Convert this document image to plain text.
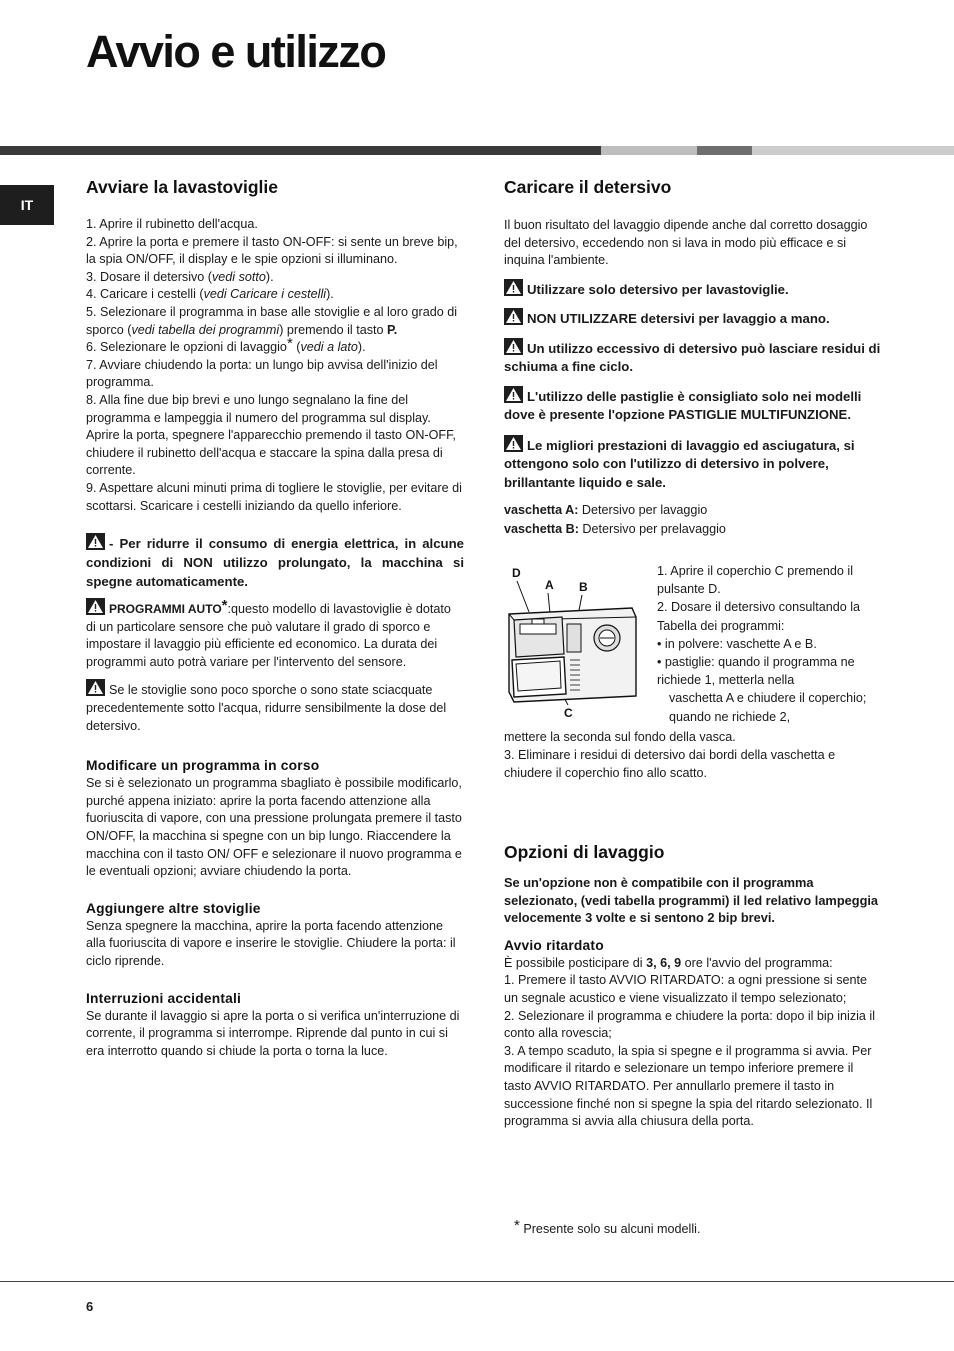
Avvio e utilizzo
IT
Avviare la lavastoviglie

1. Aprire il rubinetto dell'acqua.

2. Aprire la porta e premere il tasto ON-OFF: si sente un breve bip, la spia ON/OFF, il display e le spie opzioni si illuminano.

3. Dosare il detersivo (vedi sotto).

4. Caricare i cestelli (vedi Caricare i cestelli).

5. Selezionare il programma in base alle stoviglie e al loro grado di sporco (vedi tabella dei programmi) premendo il tasto P.

6. Selezionare le opzioni di lavaggio* (vedi a lato).

7. Avviare chiudendo la porta: un lungo bip avvisa dell'inizio del programma.

8. Alla fine due bip brevi e uno lungo segnalano la fine del programma e lampeggia il numero del programma sul display. Aprire la porta, spegnere l'apparecchio premendo il tasto ON-OFF, chiudere il rubinetto dell'acqua e staccare la spina dalla presa di corrente.

9. Aspettare alcuni minuti prima di togliere le stoviglie, per evitare di scottarsi. Scaricare i cestelli iniziando da quello inferiore.

- Per ridurre il consumo di energia elettrica, in alcune condizioni di NON utilizzo prolungato, la macchina si spegne automaticamente.

PROGRAMMI AUTO*:questo modello di lavastoviglie è dotato di un particolare sensore che può valutare il grado di sporco e impostare il lavaggio più efficiente ed economico. La durata dei programmi auto potrà variare per l'intervento del sensore.

Se le stoviglie sono poco sporche o sono state sciacquate precedentemente sotto l'acqua, ridurre sensibilmente la dose del detersivo.

Modificare un programma in corso

Se si è selezionato un programma sbagliato è possibile modificarlo, purché appena iniziato: aprire la porta facendo attenzione alla fuoriuscita di vapore, con una pressione prolungata premere il tasto ON/OFF, la macchina si spegne con un bip lungo. Riaccendere la macchina con il tasto ON/ OFF e selezionare il nuovo programma e le eventuali opzioni; avviare chiudendo la porta.

Aggiungere altre stoviglie

Senza spegnere la macchina, aprire la porta facendo attenzione alla fuoriuscita di vapore e inserire le stoviglie. Chiudere la porta: il ciclo riprende.

Interruzioni accidentali

Se durante il lavaggio si apre la porta o si verifica un'interruzione di corrente, il programma si interrompe. Riprende dal punto in cui si era interrotto quando si chiude la porta o torna la luce.

Caricare il detersivo

Il buon risultato del lavaggio dipende anche dal corretto dosaggio del detersivo, eccedendo non si lava in modo più efficace e si inquina l'ambiente.

Utilizzare solo detersivo per lavastoviglie.

NON UTILIZZARE detersivi per lavaggio a mano.

Un utilizzo eccessivo di detersivo può lasciare residui di schiuma a fine ciclo.

L'utilizzo delle pastiglie è consigliato solo nei modelli dove è presente l'opzione PASTIGLIE MULTIFUNZIONE.

Le migliori prestazioni di lavaggio ed asciugatura, si ottengono solo con l'utilizzo di detersivo in polvere, brillantante liquido e sale.

vaschetta A: Detersivo per lavaggio

vaschetta B: Detersivo per prelavaggio

D
A B
C

1. Aprire il coperchio C premendo il pulsante D.

2. Dosare il detersivo consultando la Tabella dei programmi:

• in polvere: vaschette A e B.

• pastiglie: quando il programma ne richiede 1, metterla nella

vaschetta A e chiudere il coperchio; quando ne richiede 2,

mettere la seconda sul fondo della vasca.

3. Eliminare i residui di detersivo dai bordi della vaschetta e chiudere il coperchio fino allo scatto.

Opzioni di lavaggio

Se un'opzione non è compatibile con il programma selezionato, (vedi tabella programmi) il led relativo lampeggia velocemente 3 volte e si sentono 2 bip brevi.

Avvio ritardato

È possibile posticipare di 3, 6, 9 ore l'avvio del programma:

1. Premere il tasto AVVIO RITARDATO: a ogni pressione si sente un segnale acustico e viene visualizzato il tempo selezionato;

2. Selezionare il programma e chiudere la porta: dopo il bip inizia il conto alla rovescia;

3. A tempo scaduto, la spia si spegne e il programma si avvia. Per modificare il ritardo e selezionare un tempo inferiore premere il tasto AVVIO RITARDATO. Per annullarlo premere il tasto in successione finché non si spegne la spia del ritardo selezionato. Il programma si avvia alla chiusura della porta.

* Presente solo su alcuni modelli.
6
